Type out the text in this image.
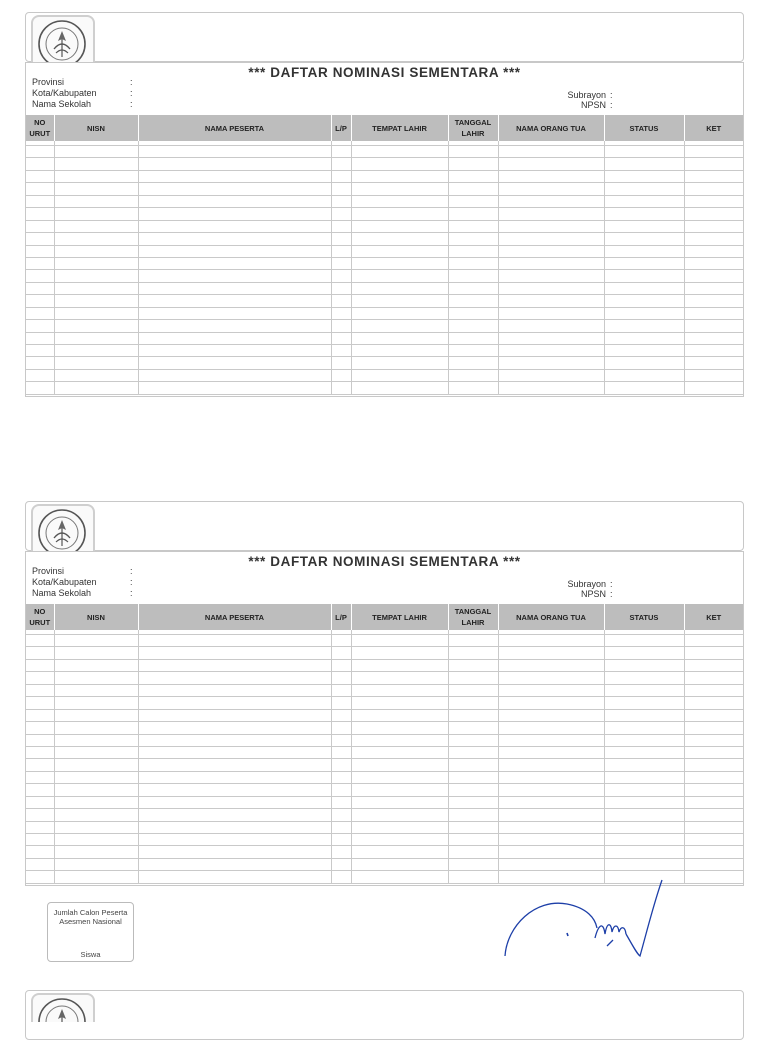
*** DAFTAR NOMINASI SEMENTARA ***
Provinsi	:
Kota/Kabupaten	:
Nama Sekolah	:
Subrayon :
NPSN :
NO
URUT	NISN	NAMA PESERTA	L/P	TEMPAT LAHIR	TANGGAL
LAHIR	NAMA ORANG TUA	STATUS	KET

*** DAFTAR NOMINASI SEMENTARA ***
Provinsi	:
Kota/Kabupaten	:
Nama Sekolah	:
Subrayon :
NPSN :
NO
URUT	NISN	NAMA PESERTA	L/P	TEMPAT LAHIR	TANGGAL
LAHIR	NAMA ORANG TUA	STATUS	KET

Jumlah Calon Peserta
Asesmen Nasional
Siswa
